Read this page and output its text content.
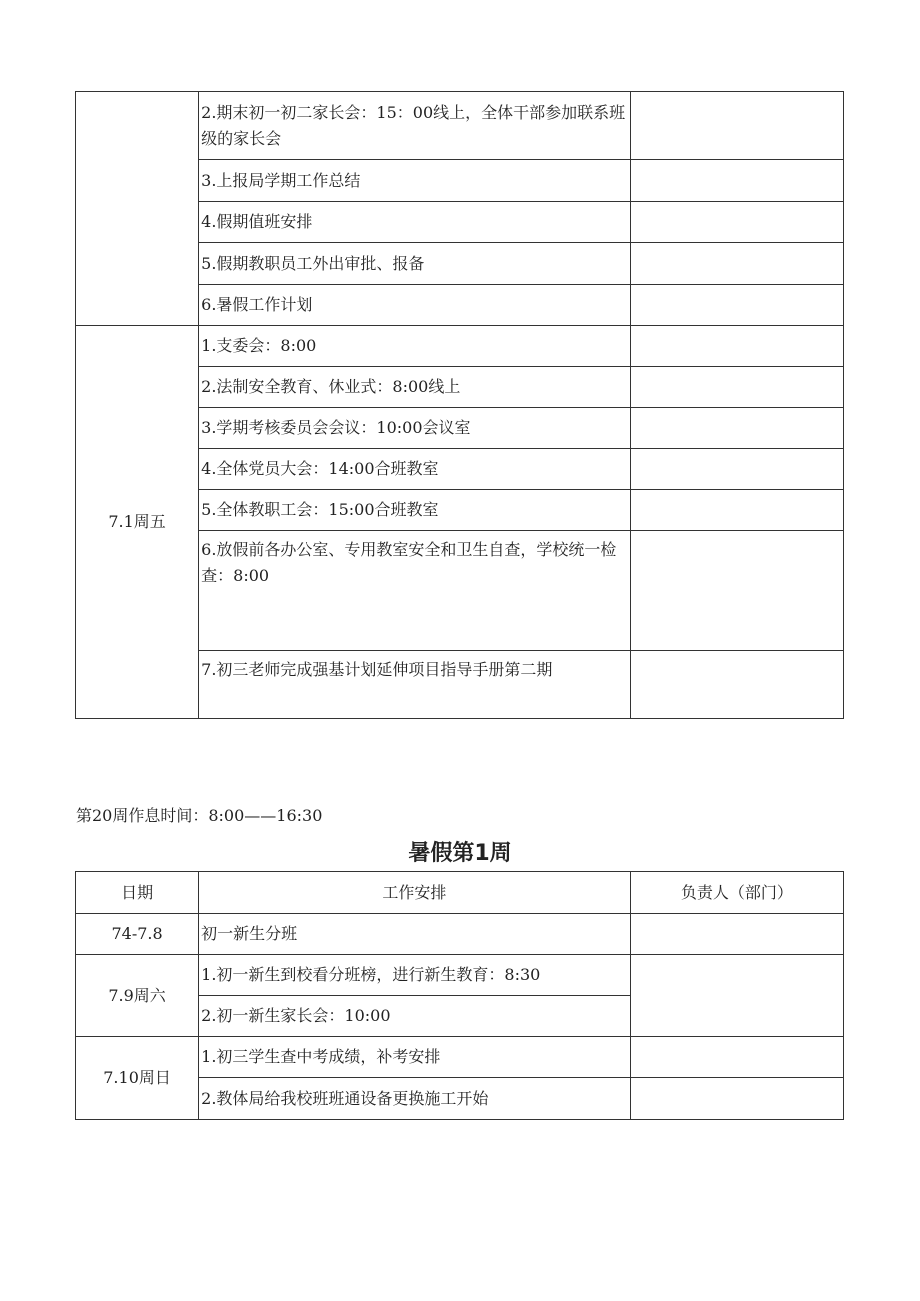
	2.期末初一初二家长会：15：00线上，全体干部参加联系班级的家长会	
	3.上报局学期工作总结	
	4.假期值班安排	
	5.假期教职员工外出审批、报备	
	6.暑假工作计划	
7.1周五	1.支委会：8:00	
	2.法制安全教育、休业式：8:00线上	
	3.学期考核委员会会议：10:00会议室	
	4.全体党员大会：14:00合班教室	
	5.全体教职工会：15:00合班教室	
	6.放假前各办公室、专用教室安全和卫生自查，学校统一检查：8:00	
	7.初三老师完成强基计划延伸项目指导手册第二期	
第20周作息时间：8:00——16:30
暑假第1周
日期	工作安排	负责人（部门）
74-7.8	初一新生分班	
7.9周六	1.初一新生到校看分班榜，进行新生教育：8:30	
	2.初一新生家长会：10:00	
7.10周日	1.初三学生查中考成绩，补考安排	
	2.教体局给我校班班通设备更换施工开始	
